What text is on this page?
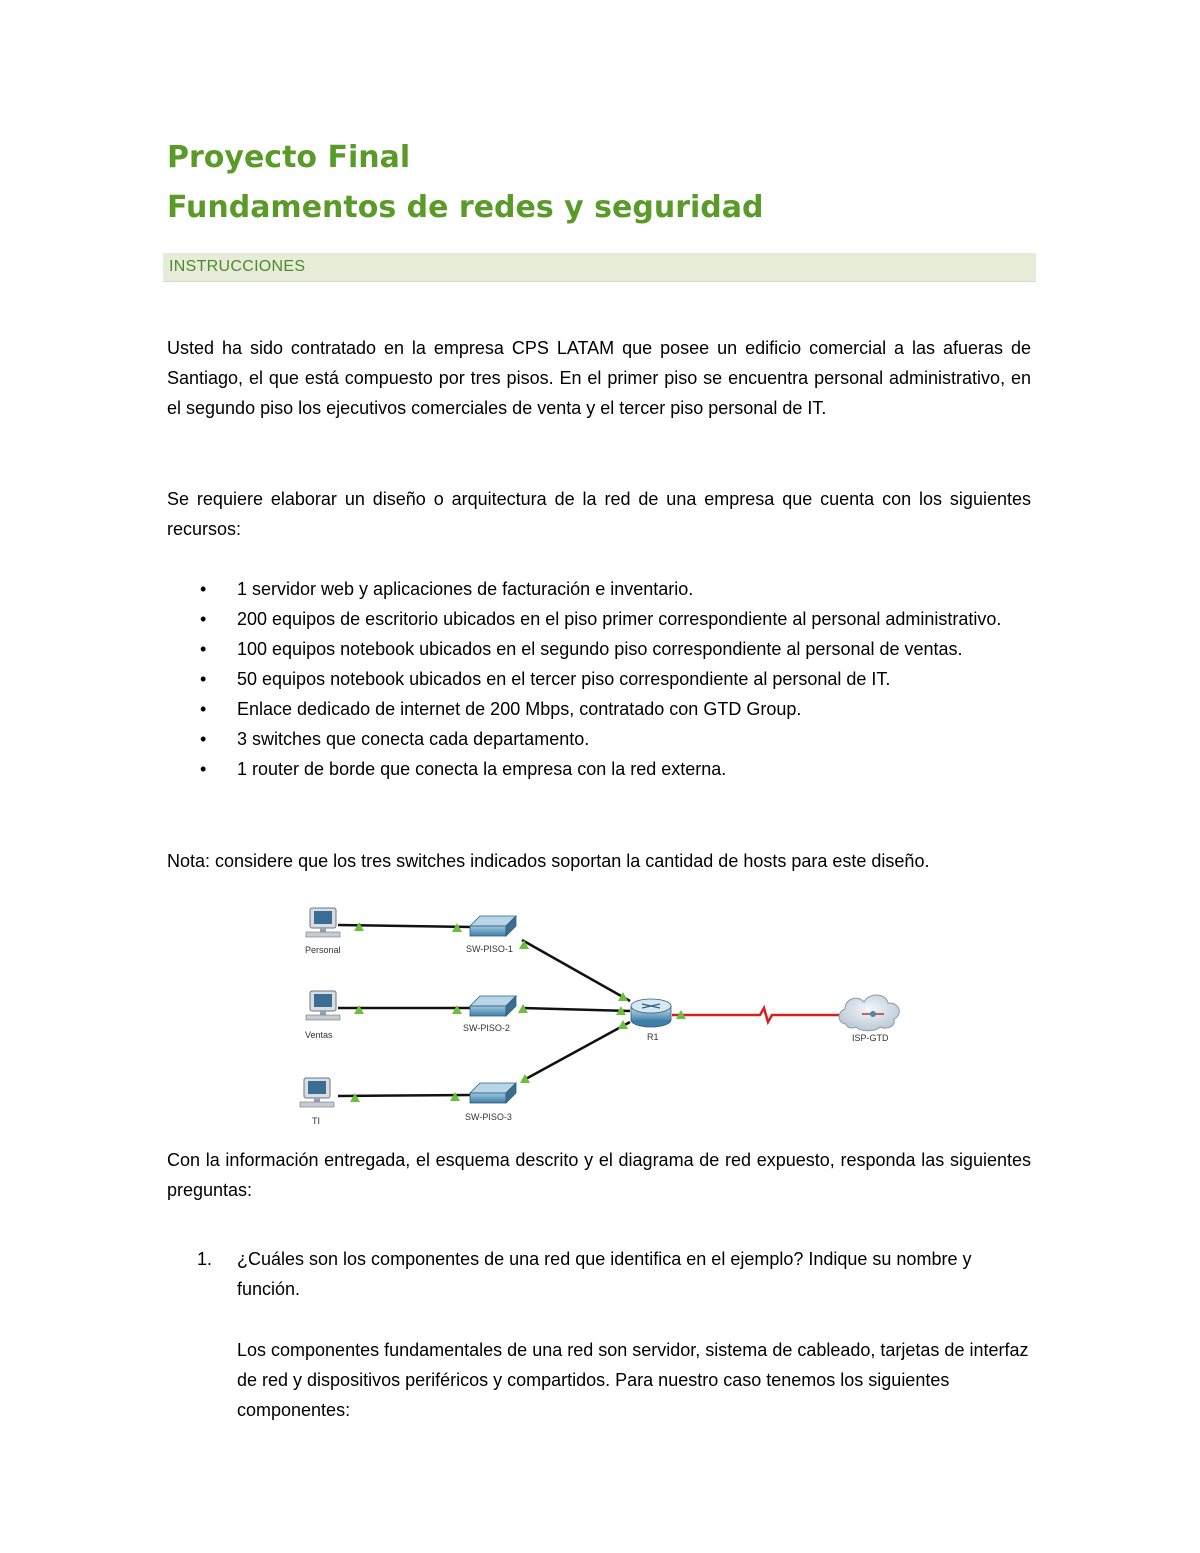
Proyecto Final
Fundamentos de redes y seguridad
INSTRUCCIONES

Usted ha sido contratado en la empresa CPS LATAM que posee un edificio comercial a las afueras de Santiago, el que está compuesto por tres pisos. En el primer piso se encuentra personal administrativo, en el segundo piso los ejecutivos comerciales de venta y el tercer piso personal de IT.

Se requiere elaborar un diseño o arquitectura de la red de una empresa que cuenta con los siguientes recursos:

• 1 servidor web y aplicaciones de facturación e inventario.
• 200 equipos de escritorio ubicados en el piso primer correspondiente al personal administrativo.
• 100 equipos notebook ubicados en el segundo piso correspondiente al personal de ventas.
• 50 equipos notebook ubicados en el tercer piso correspondiente al personal de IT.
• Enlace dedicado de internet de 200 Mbps, contratado con GTD Group.
• 3 switches que conecta cada departamento.
• 1 router de borde que conecta la empresa con la red externa.

Nota: considere que los tres switches indicados soportan la cantidad de hosts para este diseño.

Personal
Ventas
TI
SW-PISO-1
SW-PISO-2
SW-PISO-3
R1	ISP-GTD

Con la información entregada, el esquema descrito y el diagrama de red expuesto, responda las siguientes preguntas:

1. ¿Cuáles son los componentes de una red que identifica en el ejemplo? Indique su nombre y función.

Los componentes fundamentales de una red son servidor, sistema de cableado, tarjetas de interfaz de red y dispositivos periféricos y compartidos. Para nuestro caso tenemos los siguientes componentes:
